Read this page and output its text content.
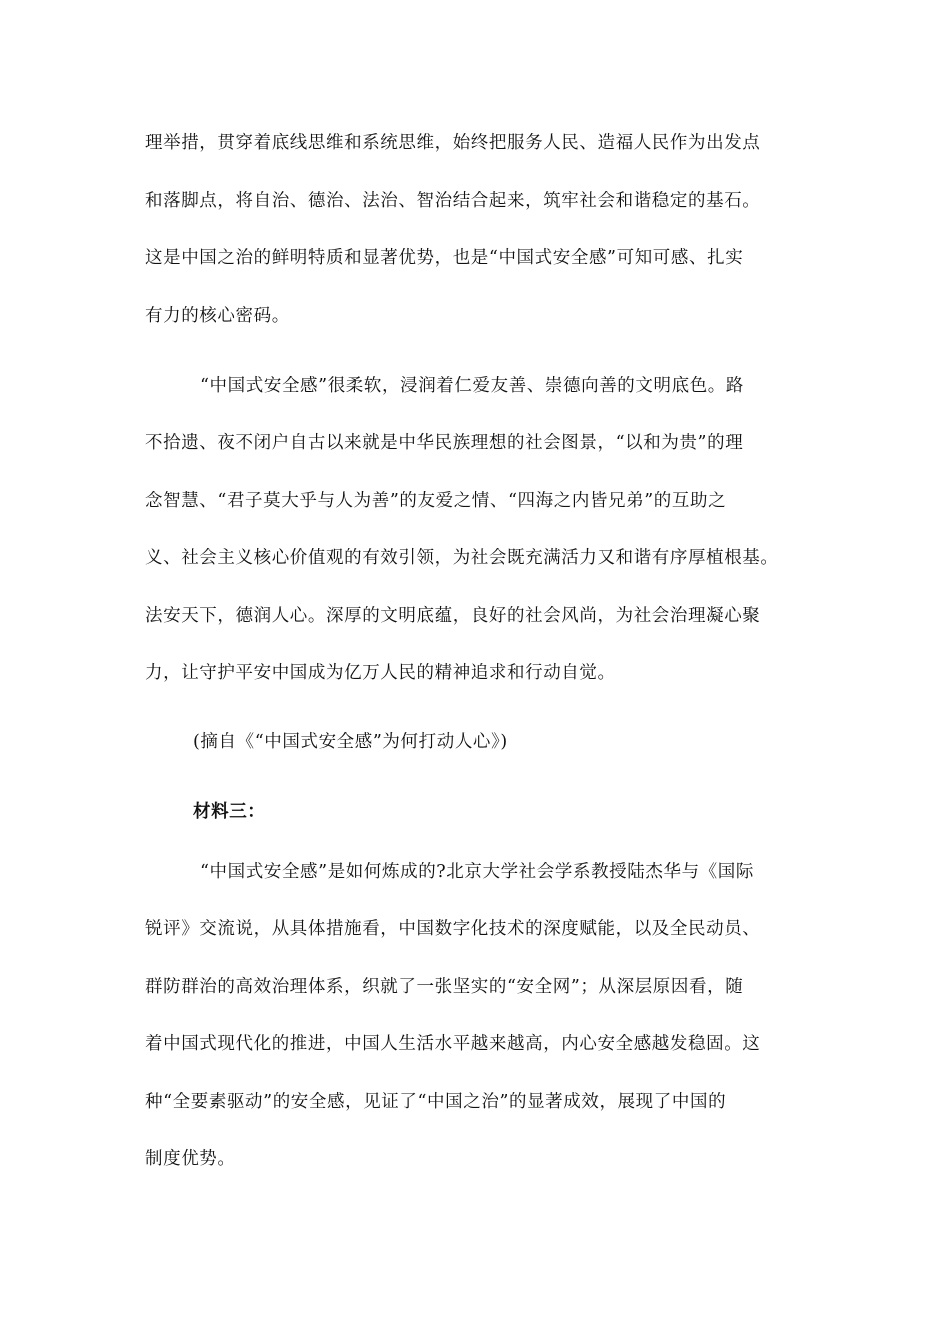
理举措，贯穿着底线思维和系统思维，始终把服务人民、造福人民作为出发点
和落脚点，将自治、德治、法治、智治结合起来，筑牢社会和谐稳定的基石。
这是中国之治的鲜明特质和显著优势，也是“中国式安全感”可知可感、扎实
有力的核心密码。
“中国式安全感”很柔软，浸润着仁爱友善、崇德向善的文明底色。路
不拾遗、夜不闭户自古以来就是中华民族理想的社会图景，“以和为贵”的理
念智慧、“君子莫大乎与人为善”的友爱之情、“四海之内皆兄弟”的互助之
义、社会主义核心价值观的有效引领，为社会既充满活力又和谐有序厚植根基。
法安天下，德润人心。深厚的文明底蕴，良好的社会风尚，为社会治理凝心聚
力，让守护平安中国成为亿万人民的精神追求和行动自觉。
(摘自《“中国式安全感”为何打动人心》)
材料三：
“中国式安全感”是如何炼成的?北京大学社会学系教授陆杰华与《国际
锐评》交流说，从具体措施看，中国数字化技术的深度赋能，以及全民动员、
群防群治的高效治理体系，织就了一张坚实的“安全网”；从深层原因看，随
着中国式现代化的推进，中国人生活水平越来越高，内心安全感越发稳固。这
种“全要素驱动”的安全感，见证了“中国之治”的显著成效，展现了中国的
制度优势。
